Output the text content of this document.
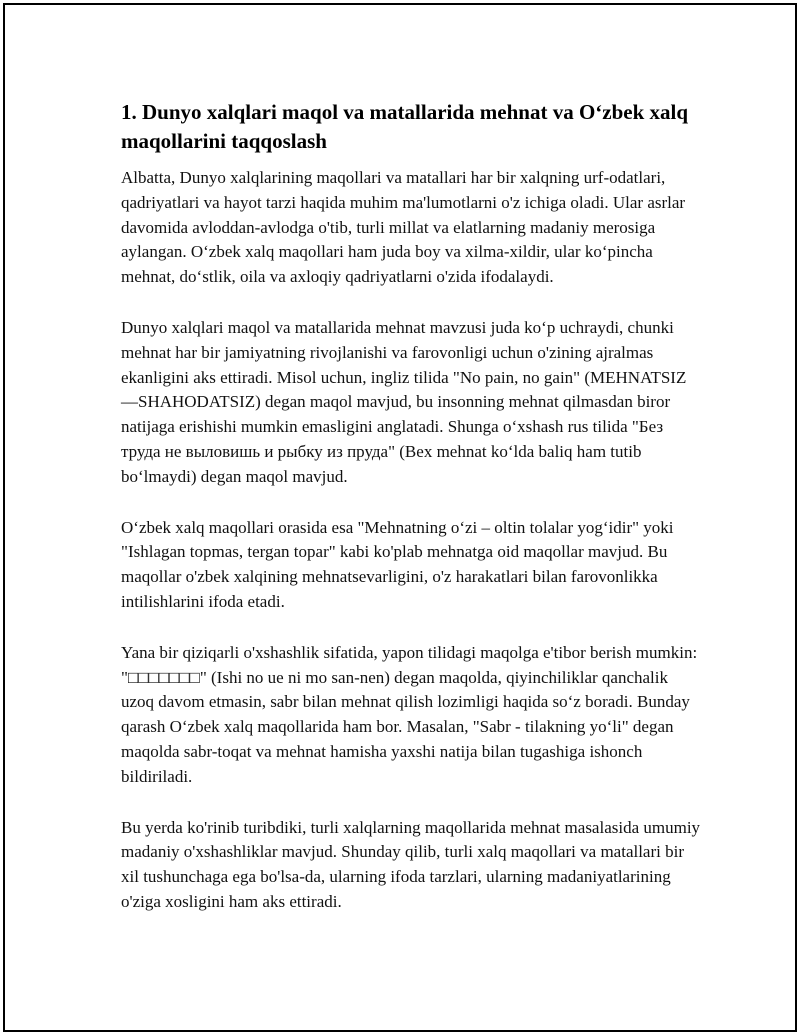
1. Dunyo xalqlari maqol va matallarida mehnat va O‘zbek xalq maqollarini taqqoslash

Albatta, Dunyo xalqlarining maqollari va matallari har bir xalqning urf-odatlari, qadriyatlari va hayot tarzi haqida muhim ma'lumotlarni o'z ichiga oladi. Ular asrlar davomida avloddan-avlodga o'tib, turli millat va elatlarning madaniy merosiga aylangan. O‘zbek xalq maqollari ham juda boy va xilma-xildir, ular ko‘pincha mehnat, do‘stlik, oila va axloqiy qadriyatlarni o'zida ifodalaydi.

Dunyo xalqlari maqol va matallarida mehnat mavzusi juda ko‘p uchraydi, chunki mehnat har bir jamiyatning rivojlanishi va farovonligi uchun o'zining ajralmas ekanligini aks ettiradi. Misol uchun, ingliz tilida "No pain, no gain" (MEHNATSIZ—SHAHODATSIZ) degan maqol mavjud, bu insonning mehnat qilmasdan biror natijaga erishishi mumkin emasligini anglatadi. Shunga o‘xshash rus tilida "Без труда не выловишь и рыбку из пруда" (Bex mehnat ko‘lda baliq ham tutib bo‘lmaydi) degan maqol mavjud.

O‘zbek xalq maqollari orasida esa "Mehnatning o‘zi – oltin tolalar yog‘idir" yoki "Ishlagan topmas, tergan topar" kabi ko'plab mehnatga oid maqollar mavjud. Bu maqollar o'zbek xalqining mehnatsevarligini, o'z harakatlari bilan farovonlikka intilishlarini ifoda etadi.

Yana bir qiziqarli o'xshashlik sifatida, yapon tilidagi maqolga e'tibor berish mumkin: "□□□□□□□" (Ishi no ue ni mo san-nen) degan maqolda, qiyinchiliklar qanchalik uzoq davom etmasin, sabr bilan mehnat qilish lozimligi haqida so‘z boradi. Bunday qarash O‘zbek xalq maqollarida ham bor. Masalan, "Sabr - tilakning yo‘li" degan maqolda sabr-toqat va mehnat hamisha yaxshi natija bilan tugashiga ishonch bildiriladi.

Bu yerda ko'rinib turibdiki, turli xalqlarning maqollarida mehnat masalasida umumiy madaniy o'xshashliklar mavjud. Shunday qilib, turli xalq maqollari va matallari bir xil tushunchaga ega bo'lsa-da, ularning ifoda tarzlari, ularning madaniyatlarining o'ziga xosligini ham aks ettiradi.
